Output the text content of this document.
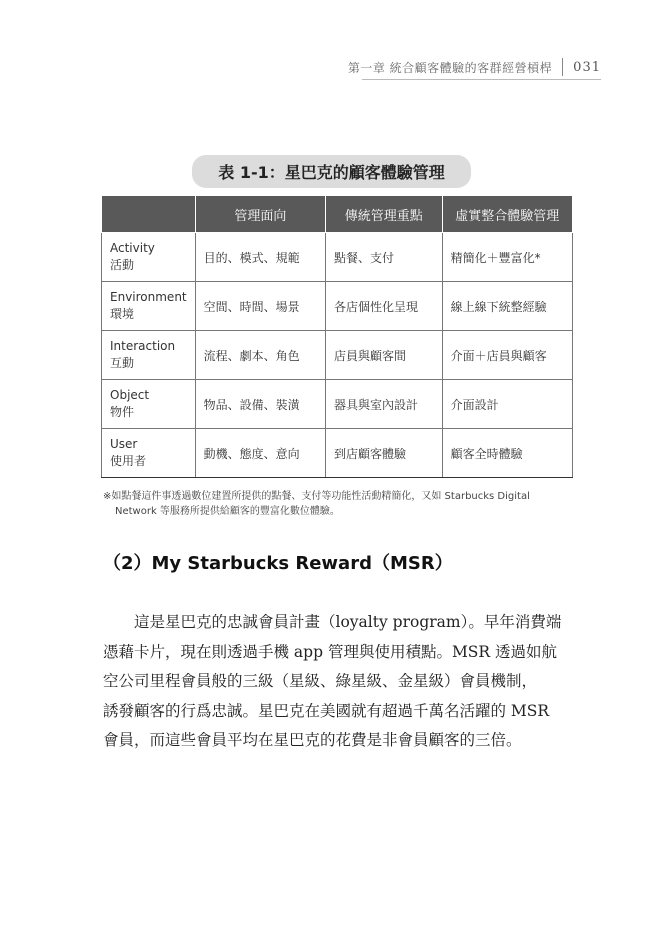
第一章 統合顧客體驗的客群經營槓桿 031
表 1-1：星巴克的顧客體驗管理
	管理面向	傳統管理重點	虛實整合體驗管理

Activity
活動	目的、模式、規範	點餐、支付	精簡化＋豐富化*

Environment
環境	空間、時間、場景	各店個性化呈現	線上線下統整經驗

Interaction
互動	流程、劇本、角色	店員與顧客間	介面＋店員與顧客

Object
物件	物品、設備、裝潢	器具與室內設計	介面設計

User
使用者	動機、態度、意向	到店顧客體驗	顧客全時體驗
※如點餐這件事透過數位建置所提供的點餐、支付等功能性活動精簡化，又如 Starbucks Digital
Network 等服務所提供給顧客的豐富化數位體驗。
（2）My Starbucks Reward（MSR）
　　這是星巴克的忠誠會員計畫（loyalty program）。早年消費端
憑藉卡片，現在則透過手機 app 管理與使用積點。MSR 透過如航
空公司里程會員般的三級（星級、綠星級、金星級）會員機制，
誘發顧客的行爲忠誠。星巴克在美國就有超過千萬名活躍的 MSR
會員，而這些會員平均在星巴克的花費是非會員顧客的三倍。
